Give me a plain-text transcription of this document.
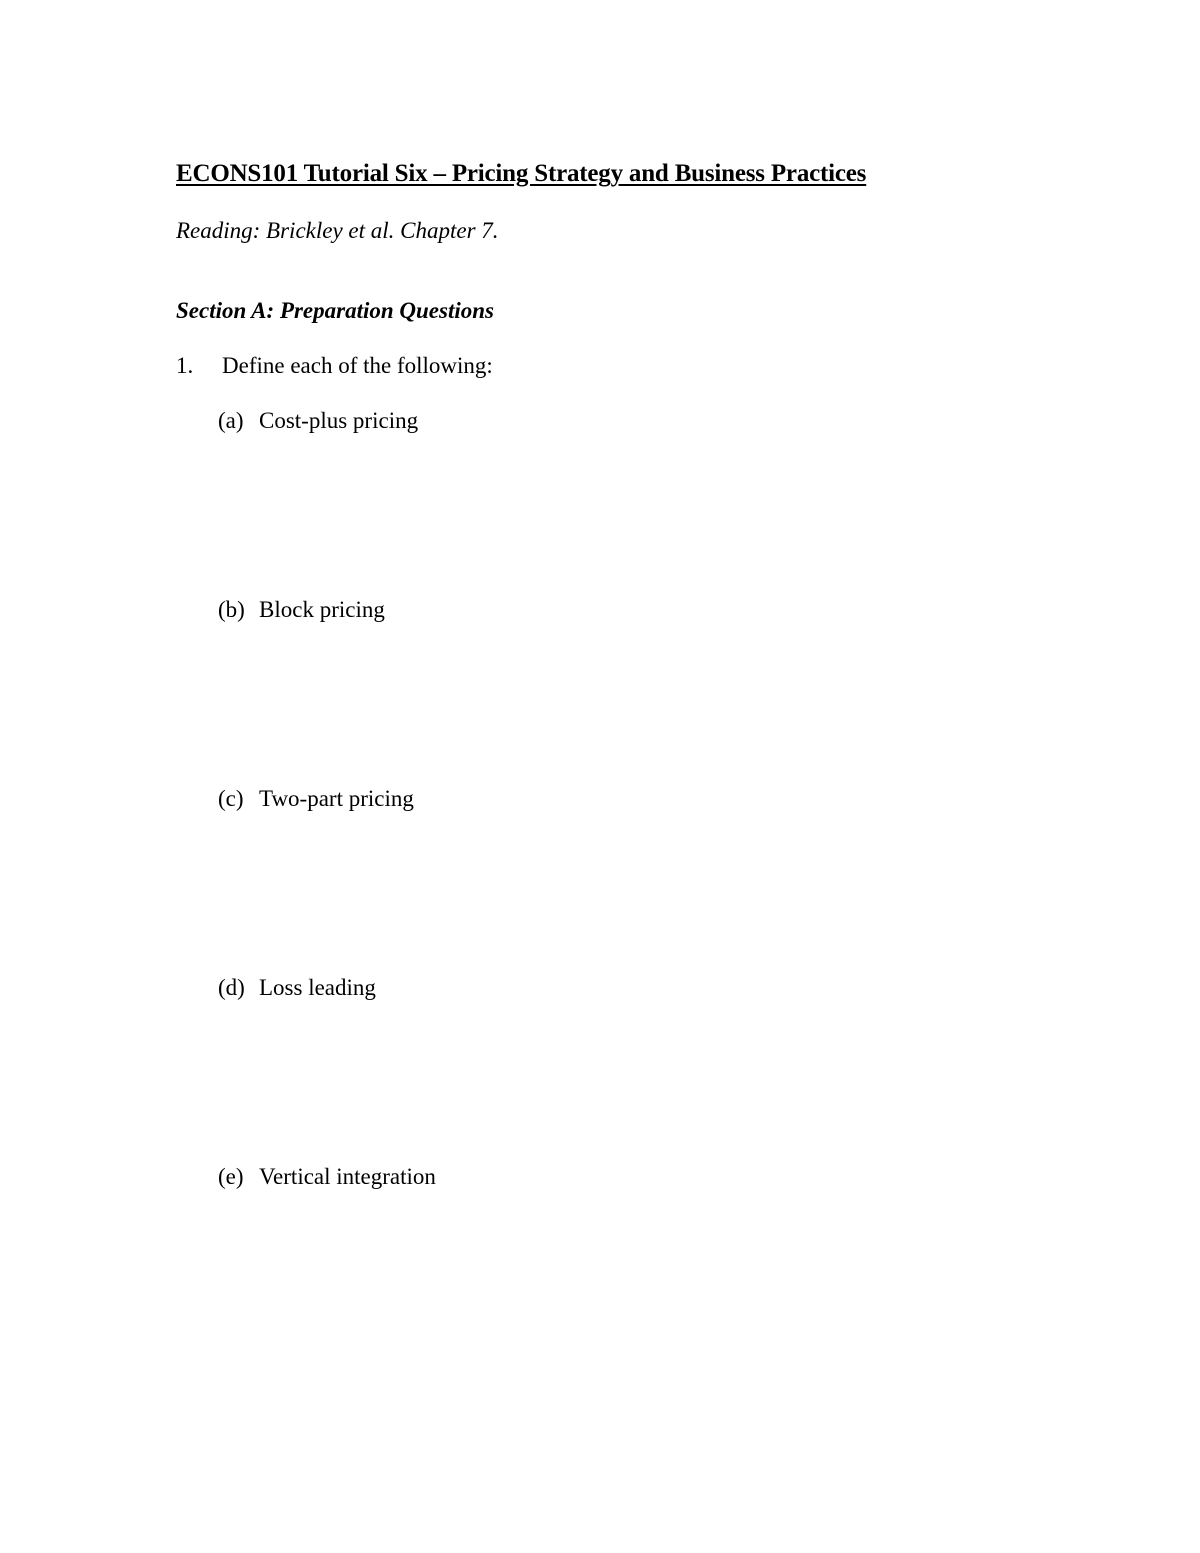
ECONS101 Tutorial Six – Pricing Strategy and Business Practices
Reading: Brickley et al. Chapter 7.
Section A: Preparation Questions
1. Define each of the following:
(a) Cost-plus pricing
(b) Block pricing
(c) Two-part pricing
(d) Loss leading
(e) Vertical integration
